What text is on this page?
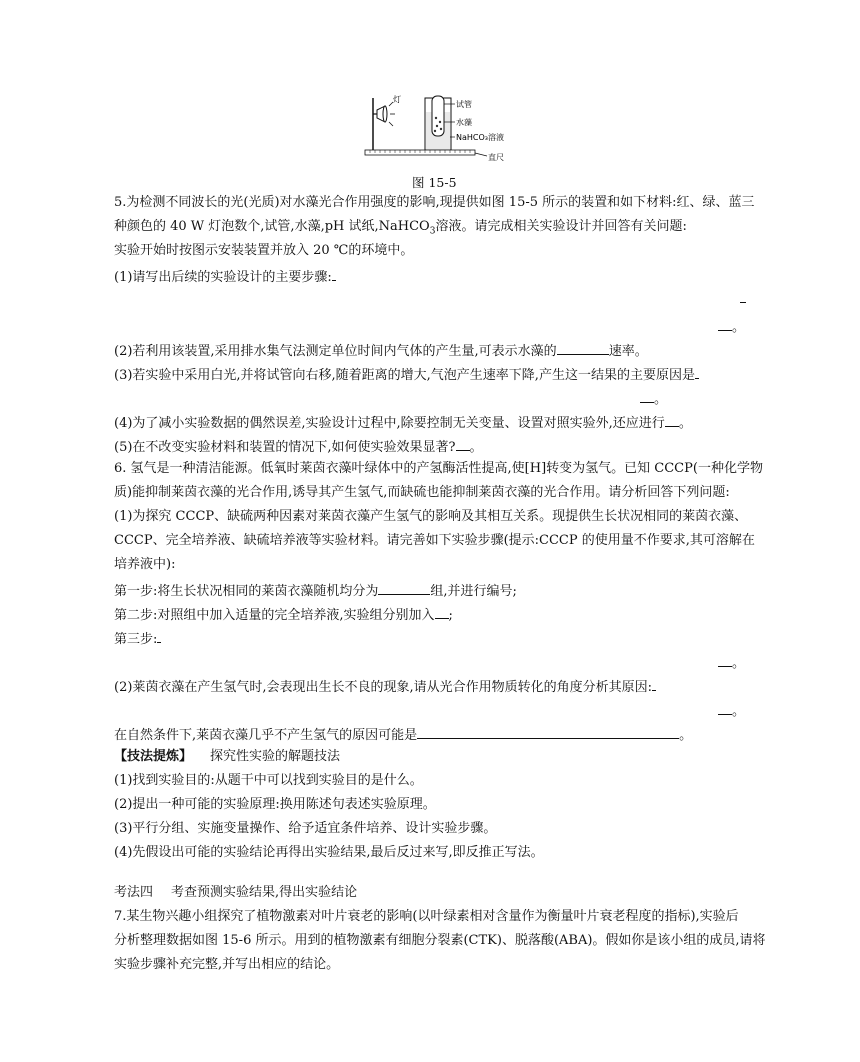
灯
试管
水藻
NaHCO₃溶液
直尺
图 15-5
5.为检测不同波长的光(光质)对水藻光合作用强度的影响,现提供如图 15-5 所示的装置和如下材料:红、绿、蓝三
种颜色的 40 W 灯泡数个,试管,水藻,pH 试纸,NaHCO$_3$溶液。请完成相关实验设计并回答有关问题:
实验开始时按图示安装装置并放入 20 ℃的环境中。
(1)请写出后续的实验设计的主要步骤:
。
(2)若利用该装置,采用排水集气法测定单位时间内气体的产生量,可表示水藻的	速率。
(3)若实验中采用白光,并将试管向右移,随着距离的增大,气泡产生速率下降,产生这一结果的主要原因是
。
(4)为了减小实验数据的偶然误差,实验设计过程中,除要控制无关变量、设置对照实验外,还应进行 。
(5)在不改变实验材料和装置的情况下,如何使实验效果显著? 。
6. 氢气是一种清洁能源。低氧时莱茵衣藻叶绿体中的产氢酶活性提高,使[H]转变为氢气。已知 CCCP(一种化学物
质)能抑制莱茵衣藻的光合作用,诱导其产生氢气,而缺硫也能抑制莱茵衣藻的光合作用。请分析回答下列问题:
(1)为探究 CCCP、缺硫两种因素对莱茵衣藻产生氢气的影响及其相互关系。现提供生长状况相同的莱茵衣藻、
CCCP、完全培养液、缺硫培养液等实验材料。请完善如下实验步骤(提示:CCCP 的使用量不作要求,其可溶解在
培养液中):
第一步:将生长状况相同的莱茵衣藻随机均分为	组,并进行编号;
第二步:对照组中加入适量的完全培养液,实验组分别加入 ;
第三步:
。
(2)莱茵衣藻在产生氢气时,会表现出生长不良的现象,请从光合作用物质转化的角度分析其原因:
。
在自然条件下,莱茵衣藻几乎不产生氢气的原因可能是	。
【技法提炼】 探究性实验的解题技法
(1)找到实验目的:从题干中可以找到实验目的是什么。
(2)提出一种可能的实验原理:换用陈述句表述实验原理。
(3)平行分组、实施变量操作、给予适宜条件培养、设计实验步骤。
(4)先假设出可能的实验结论再得出实验结果,最后反过来写,即反推正写法。
考法四 考查预测实验结果,得出实验结论
7.某生物兴趣小组探究了植物激素对叶片衰老的影响(以叶绿素相对含量作为衡量叶片衰老程度的指标),实验后
分析整理数据如图 15-6 所示。用到的植物激素有细胞分裂素(CTK)、脱落酸(ABA)。假如你是该小组的成员,请将
实验步骤补充完整,并写出相应的结论。
